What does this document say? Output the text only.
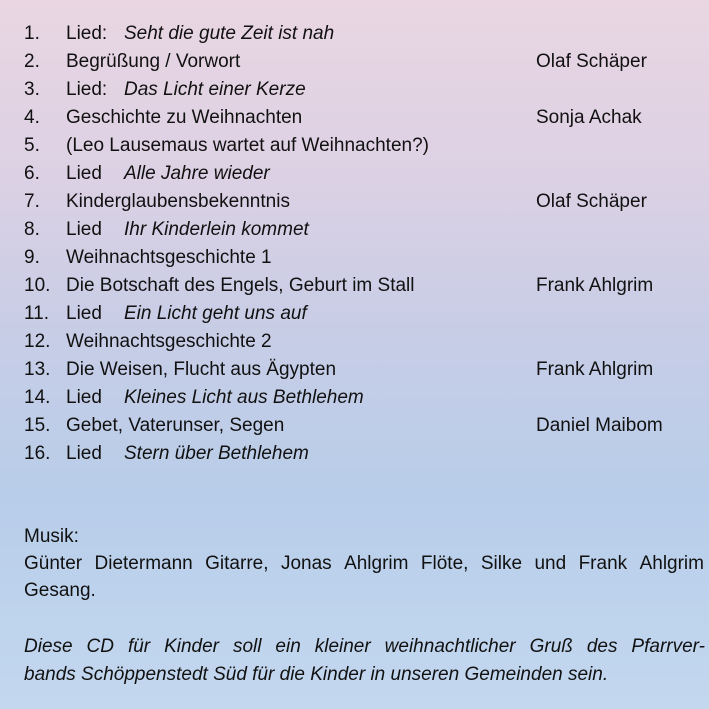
1. Lied: Seht die gute Zeit ist nah
2. Begrüßung / Vorwort	Olaf Schäper
3. Lied: Das Licht einer Kerze
4. Geschichte zu Weihnachten	Sonja Achak
5. (Leo Lausemaus wartet auf Weihnachten?)
6. Lied Alle Jahre wieder
7. Kinderglaubensbekenntnis	Olaf Schäper
8. Lied Ihr Kinderlein kommet
9. Weihnachtsgeschichte 1
10. Die Botschaft des Engels, Geburt im Stall	Frank Ahlgrim
11. Lied Ein Licht geht uns auf
12. Weihnachtsgeschichte 2
13. Die Weisen, Flucht aus Ägypten	Frank Ahlgrim
14. Lied Kleines Licht aus Bethlehem
15. Gebet, Vaterunser, Segen	Daniel Maibom
16. Lied Stern über Bethlehem
Musik:
Günter Dietermann Gitarre, Jonas Ahlgrim Flöte, Silke und Frank Ahlgrim
Gesang.
Diese CD für Kinder soll ein kleiner weihnachtlicher Gruß des Pfarrver-
bands Schöppenstedt Süd für die Kinder in unseren Gemeinden sein.
